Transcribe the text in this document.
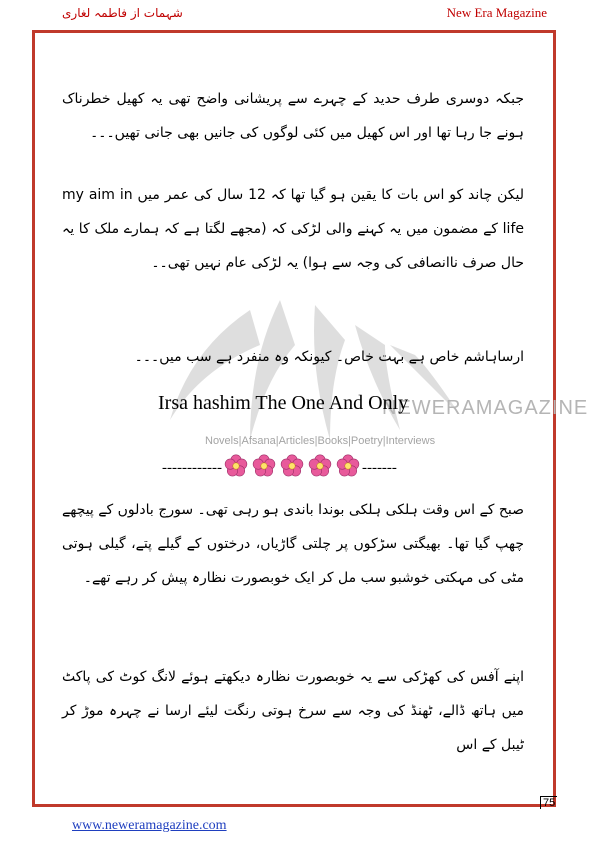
شہمات از فاطمہ لغاری	New Era Magazine
NEWERAMAGAZINE
Novels|Afsana|Articles|Books|Poetry|Interviews

جبکہ دوسری طرف حدید کے چہرے سے پریشانی واضح تھی یہ کھیل خطرناک ہونے جا رہا تھا اور اس کھیل میں کئی لوگوں کی جانیں بھی جانی تھیں۔۔۔

لیکن چاند کو اس بات کا یقین ہو گیا تھا کہ 12 سال کی عمر میں my aim in life کے مضمون میں یہ کہنے والی لڑکی کہ (مجھے لگتا ہے کہ ہمارے ملک کا یہ حال صرف ناانصافی کی وجہ سے ہوا) یہ لڑکی عام نہیں تھی۔۔

ارساہاشم خاص ہے بہت خاص۔ کیونکہ وہ منفرد ہے سب میں۔۔۔

Irsa hashim The One And Only
------------	-------

صبح کے اس وقت ہلکی ہلکی بوندا باندی ہو رہی تھی۔ سورج بادلوں کے پیچھے چھپ گیا تھا۔ بھیگتی سڑکوں پر چلتی گاڑیاں، درختوں کے گیلے پتے، گیلی ہوتی مٹی کی مہکتی خوشبو سب مل کر ایک خوبصورت نظارہ پیش کر رہے تھے۔

اپنے آفس کی کھڑکی سے یہ خوبصورت نظارہ دیکھتے ہوئے لانگ کوٹ کی پاکٹ میں ہاتھ ڈالے، ٹھنڈ کی وجہ سے سرخ ہوتی رنگت لیئے ارسا نے چہرہ موڑ کر ٹیبل کے اس

75
www.neweramagazine.com
